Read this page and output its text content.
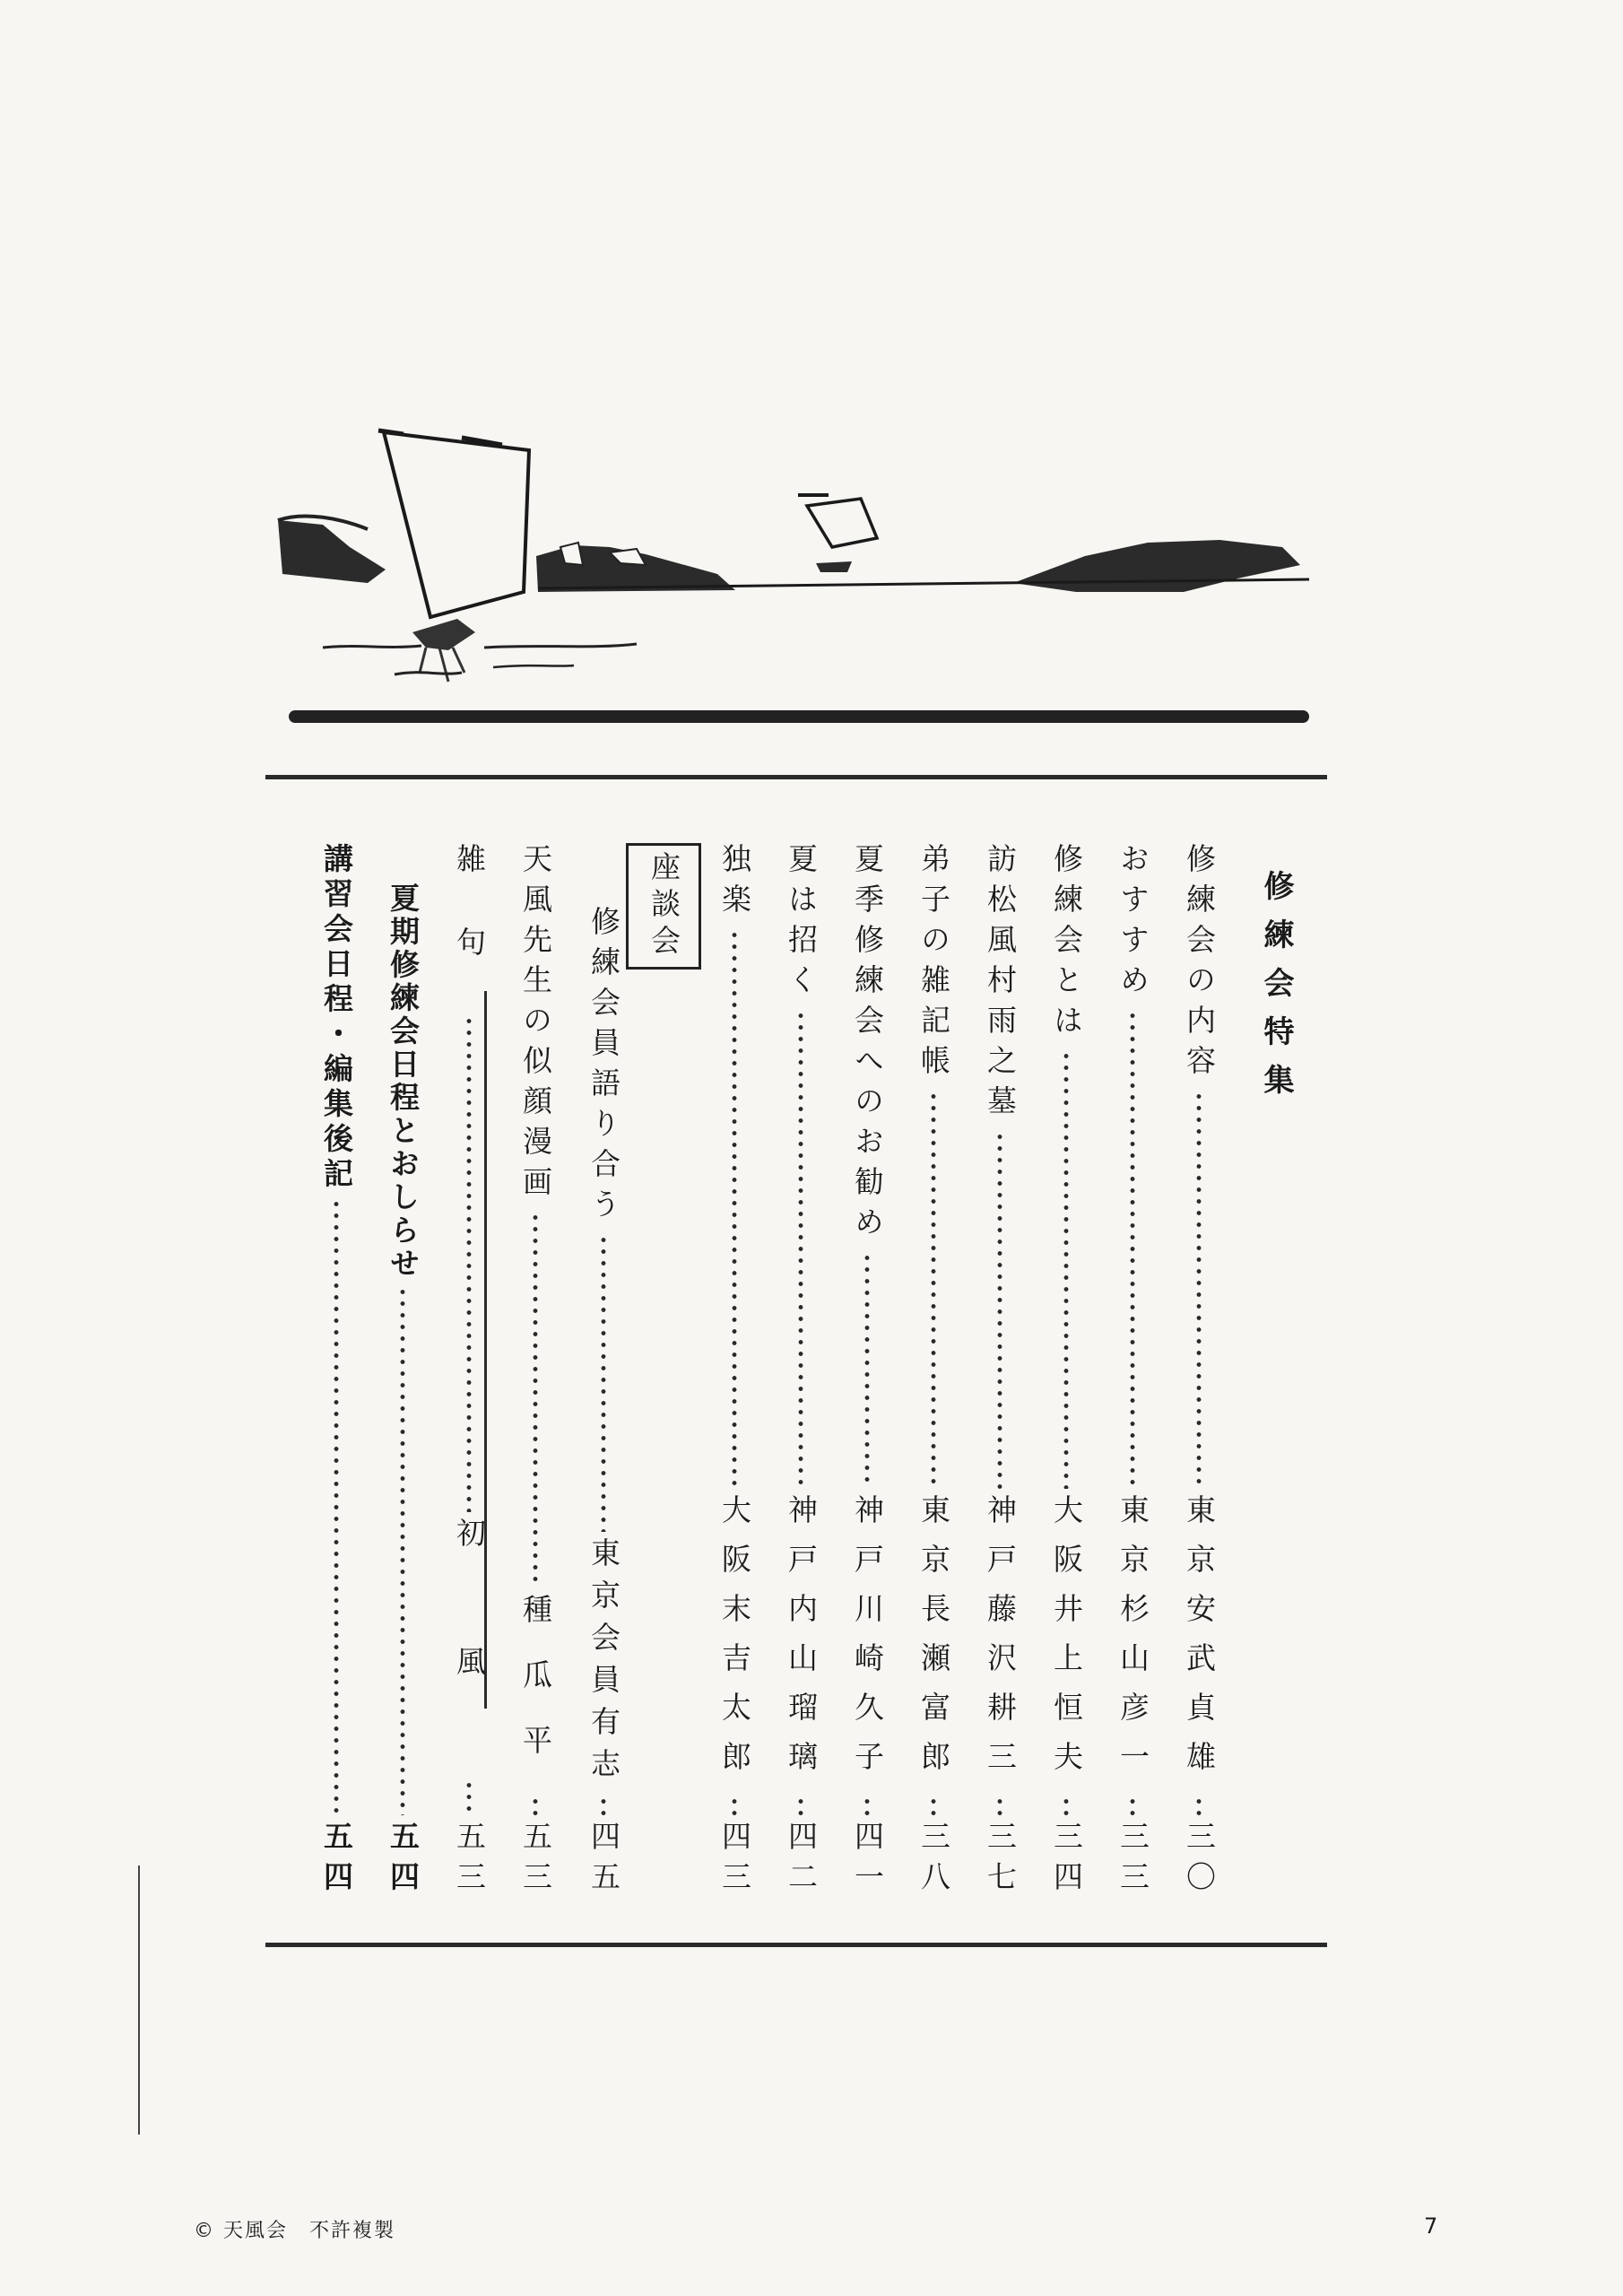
修練会特集
修練会の内容
東京安武貞雄
三〇
おすすめ
東京杉山彦一
三三
修練会とは
大阪井上恒夫
三四
訪松風村雨之墓
神戸藤沢耕三
三七
弟子の雑記帳
東京長瀬富郎
三八
夏季修練会へのお勧め
神戸川崎久子
四一
夏は招く
神戸内山瑠璃
四二
独楽
大阪末吉太郎
四三
座談会
修練会員語り合う
東京会員有志
四五
天風先生の似顔漫画
種瓜平
五三
雑句
初風
五三
夏期修練会日程とおしらせ
五四
講習会日程・編集後記
五四
© 天風会　不許複製	7
